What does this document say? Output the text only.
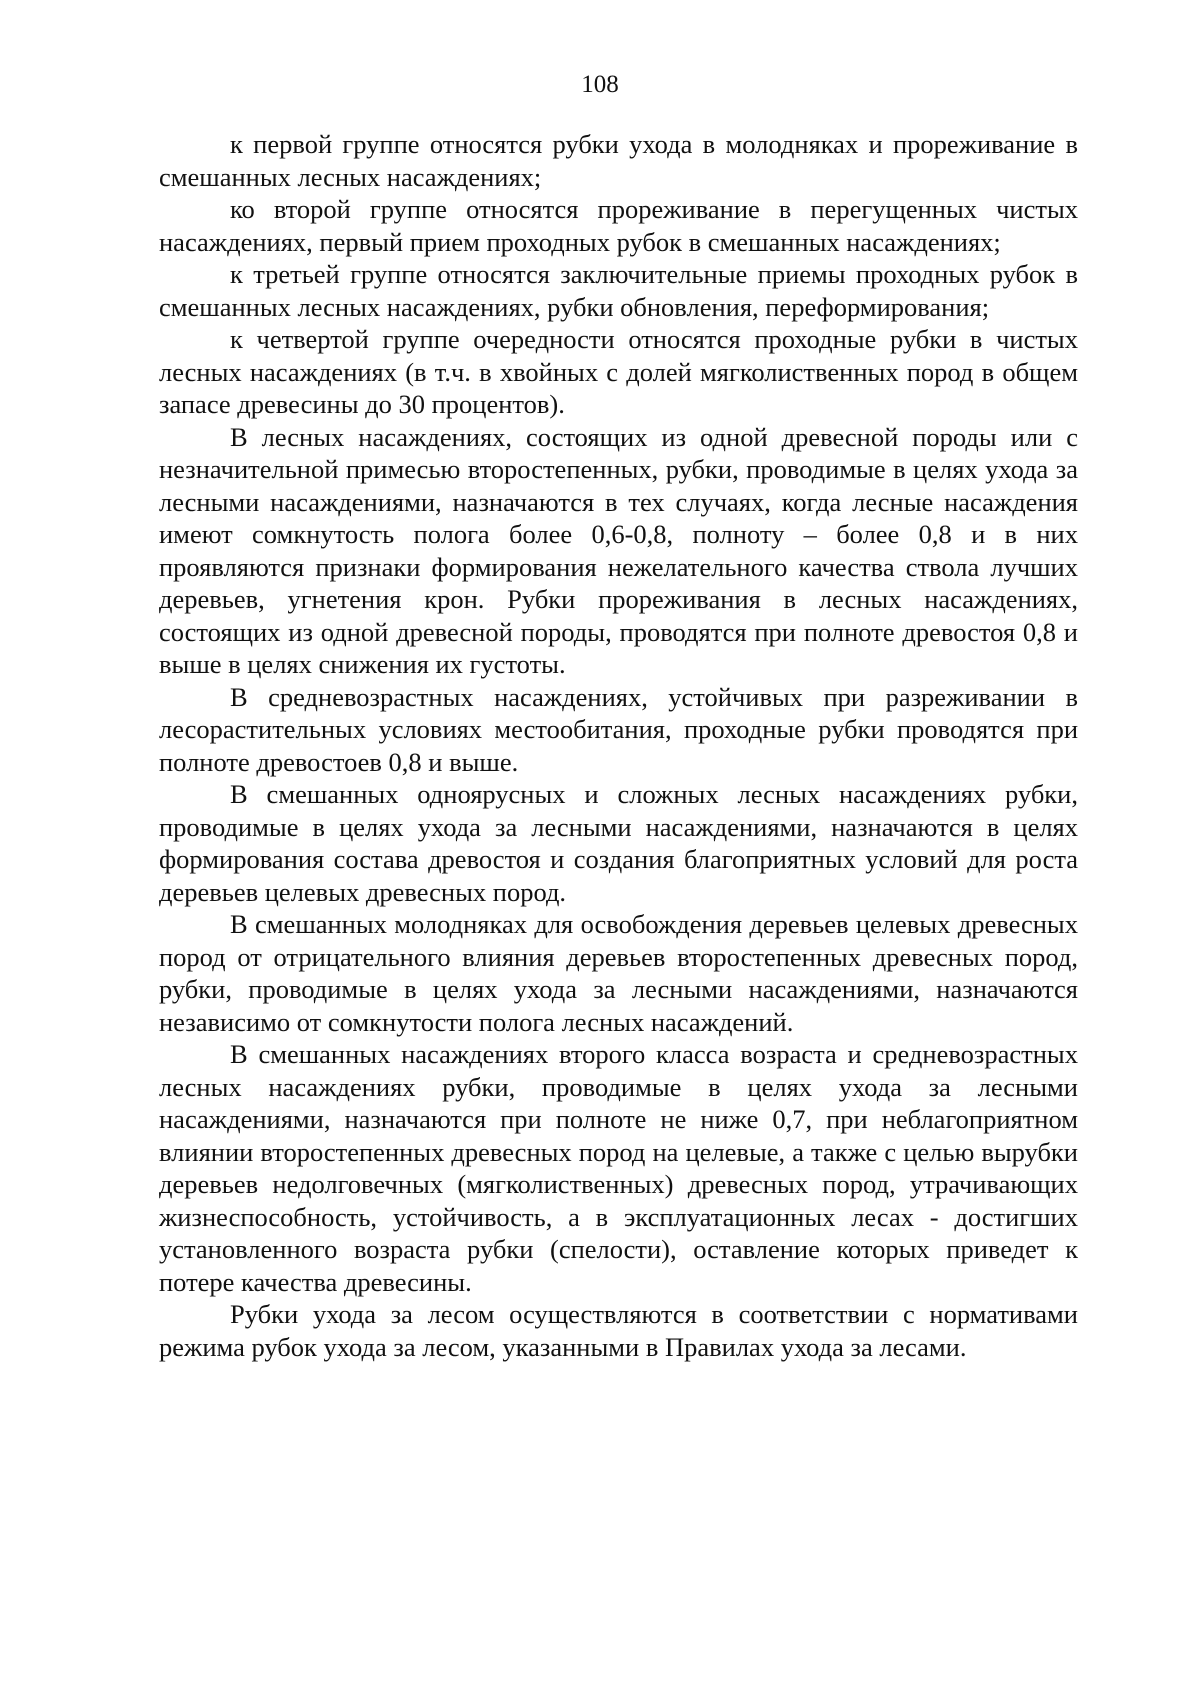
108

к первой группе относятся рубки ухода в молодняках и прореживание в смешанных лесных насаждениях;

ко второй группе относятся прореживание в перегущенных чистых насаждениях, первый прием проходных рубок в смешанных насаждениях;

к третьей группе относятся заключительные приемы проходных рубок в смешанных лесных насаждениях, рубки обновления, переформирования;

к четвертой группе очередности относятся проходные рубки в чистых лесных насаждениях (в т.ч. в хвойных с долей мягколиственных пород в общем запасе древесины до 30 процентов).

В лесных насаждениях, состоящих из одной древесной породы или с незначительной примесью второстепенных, рубки, проводимые в целях ухода за лесными насаждениями, назначаются в тех случаях, когда лесные насаждения имеют сомкнутость полога более 0,6-0,8, полноту – более 0,8 и в них проявляются признаки формирования нежелательного качества ствола лучших деревьев, угнетения крон. Рубки прореживания в лесных насаждениях, состоящих из одной древесной породы, проводятся при полноте древостоя 0,8 и выше в целях снижения их густоты.

В средневозрастных насаждениях, устойчивых при разреживании в лесорастительных условиях местообитания, проходные рубки проводятся при полноте древостоев 0,8 и выше.

В смешанных одноярусных и сложных лесных насаждениях рубки, проводимые в целях ухода за лесными насаждениями, назначаются в целях формирования состава древостоя и создания благоприятных условий для роста деревьев целевых древесных пород.

В смешанных молодняках для освобождения деревьев целевых древесных пород от отрицательного влияния деревьев второстепенных древесных пород, рубки, проводимые в целях ухода за лесными насаждениями, назначаются независимо от сомкнутости полога лесных насаждений.

В смешанных насаждениях второго класса возраста и средневозрастных лесных насаждениях рубки, проводимые в целях ухода за лесными насаждениями, назначаются при полноте не ниже 0,7, при неблагоприятном влиянии второстепенных древесных пород на целевые, а также с целью вырубки деревьев недолговечных (мягколиственных) древесных пород, утрачивающих жизнеспособность, устойчивость, а в эксплуатационных лесах - достигших установленного возраста рубки (спелости), оставление которых приведет к потере качества древесины.

Рубки ухода за лесом осуществляются в соответствии с нормативами режима рубок ухода за лесом, указанными в Правилах ухода за лесами.
